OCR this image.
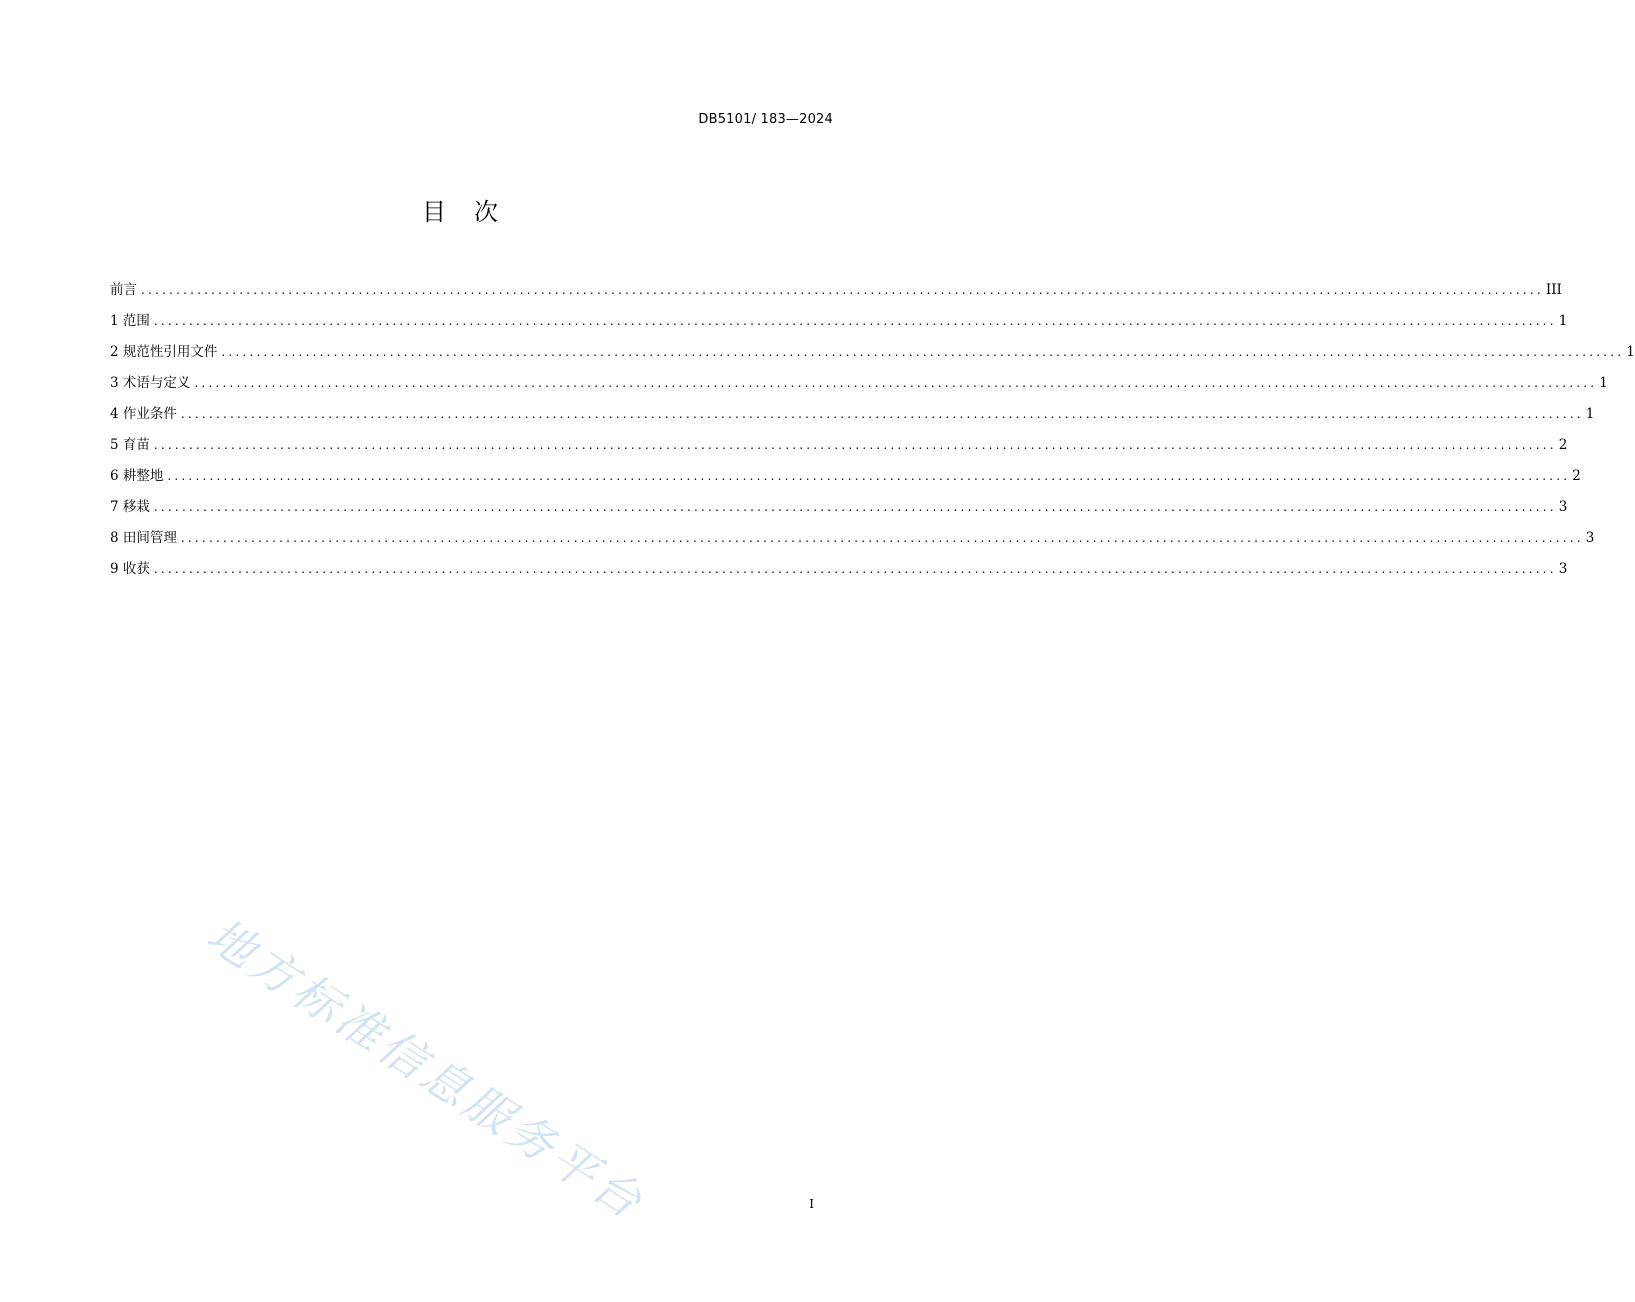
DB5101/ 183—2024
目次
前言 ........................................................................................................................................................................................................ III
1 范围 ........................................................................................................................................................................................................ 1
2 规范性引用文件 ........................................................................................................................................................................................................ 1
3 术语与定义 ........................................................................................................................................................................................................ 1
4 作业条件 ........................................................................................................................................................................................................ 1
5 育苗 ........................................................................................................................................................................................................ 2
6 耕整地 ........................................................................................................................................................................................................ 2
7 移栽 ........................................................................................................................................................................................................ 3
8 田间管理 ........................................................................................................................................................................................................ 3
9 收获 ........................................................................................................................................................................................................ 3
地方标准信息服务平台	I
